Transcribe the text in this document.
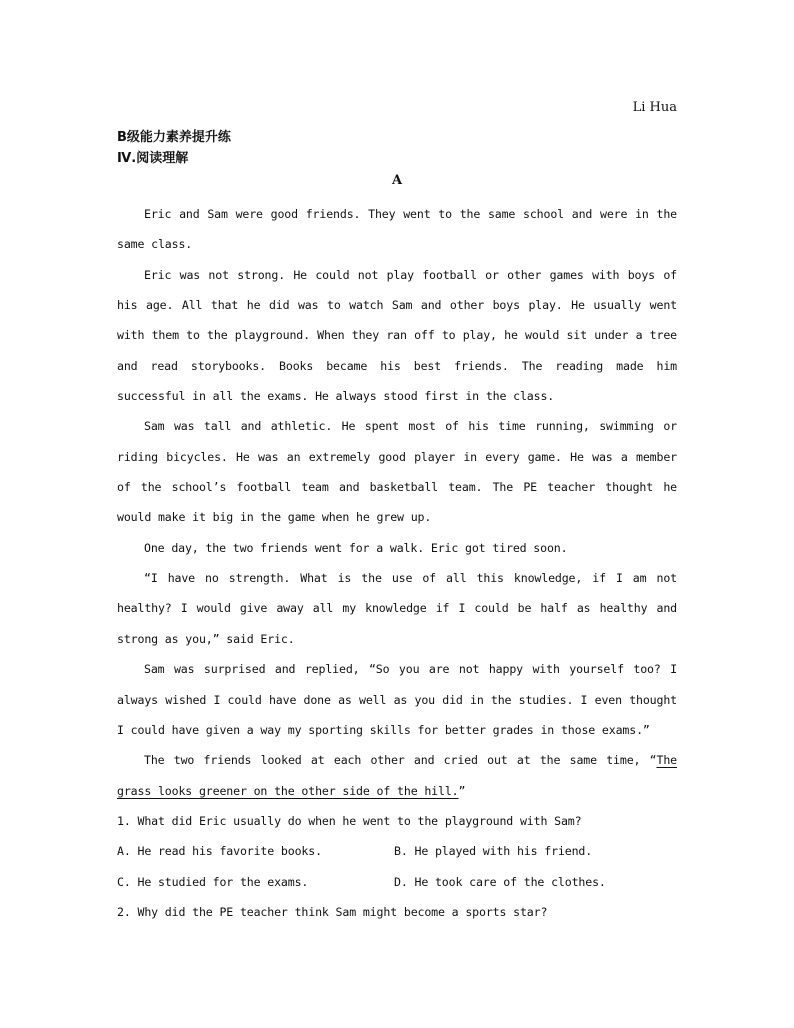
Li Hua
B级能力素养提升练
Ⅳ.阅读理解
A

Eric and Sam were good friends. They went to the same school and were in the same class.

Eric was not strong. He could not play football or other games with boys of his age. All that he did was to watch Sam and other boys play. He usually went with them to the playground. When they ran off to play, he would sit under a tree and read storybooks. Books became his best friends. The reading made him successful in all the exams. He always stood first in the class.

Sam was tall and athletic. He spent most of his time running, swimming or riding bicycles. He was an extremely good player in every game. He was a member of the school’s football team and basketball team. The PE teacher thought he would make it big in the game when he grew up.

One day, the two friends went for a walk. Eric got tired soon.

“I have no strength. What is the use of all this knowledge, if I am not healthy? I would give away all my knowledge if I could be half as healthy and strong as you,” said Eric.

Sam was surprised and replied, “So you are not happy with yourself too? I always wished I could have done as well as you did in the studies. I even thought I could have given a way my sporting skills for better grades in those exams.”

The two friends looked at each other and cried out at the same time, “The grass looks greener on the other side of the hill.”

1. What did Eric usually do when he went to the playground with Sam?

A. He read his favorite books.	B. He played with his friend.
C. He studied for the exams.	D. He took care of the clothes.

2. Why did the PE teacher think Sam might become a sports star?
